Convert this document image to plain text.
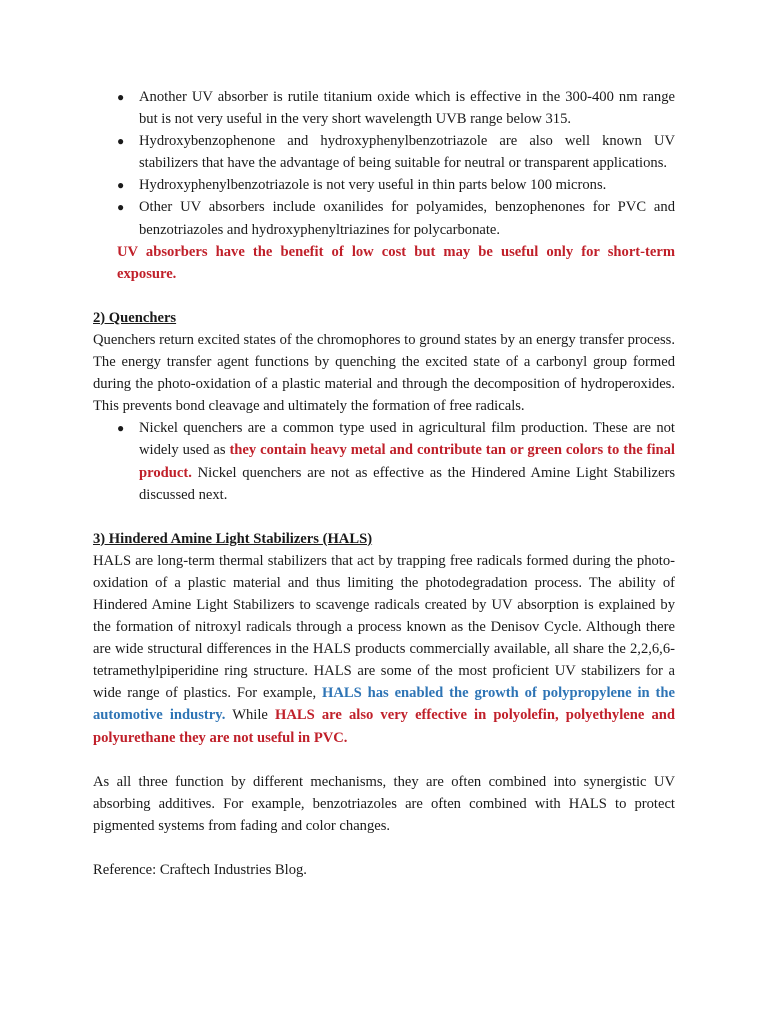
● Another UV absorber is rutile titanium oxide which is effective in the 300-400 nm range but is not very useful in the very short wavelength UVB range below 315.
● Hydroxybenzophenone and hydroxyphenylbenzotriazole are also well known UV stabilizers that have the advantage of being suitable for neutral or transparent applications.
● Hydroxyphenylbenzotriazole is not very useful in thin parts below 100 microns.
● Other UV absorbers include oxanilides for polyamides, benzophenones for PVC and benzotriazoles and hydroxyphenyltriazines for polycarbonate.
UV absorbers have the benefit of low cost but may be useful only for short-term exposure.
2) Quenchers

Quenchers return excited states of the chromophores to ground states by an energy transfer process. The energy transfer agent functions by quenching the excited state of a carbonyl group formed during the photo-oxidation of a plastic material and through the decomposition of hydroperoxides. This prevents bond cleavage and ultimately the formation of free radicals.

● Nickel quenchers are a common type used in agricultural film production. These are not widely used as they contain heavy metal and contribute tan or green colors to the final product. Nickel quenchers are not as effective as the Hindered Amine Light Stabilizers discussed next.
3) Hindered Amine Light Stabilizers (HALS)

HALS are long-term thermal stabilizers that act by trapping free radicals formed during the photo-oxidation of a plastic material and thus limiting the photodegradation process. The ability of Hindered Amine Light Stabilizers to scavenge radicals created by UV absorption is explained by the formation of nitroxyl radicals through a process known as the Denisov Cycle. Although there are wide structural differences in the HALS products commercially available, all share the 2,2,6,6-tetramethylpiperidine ring structure. HALS are some of the most proficient UV stabilizers for a wide range of plastics. For example, HALS has enabled the growth of polypropylene in the automotive industry. While HALS are also very effective in polyolefin, polyethylene and polyurethane they are not useful in PVC.

As all three function by different mechanisms, they are often combined into synergistic UV absorbing additives. For example, benzotriazoles are often combined with HALS to protect pigmented systems from fading and color changes.

Reference: Craftech Industries Blog.
